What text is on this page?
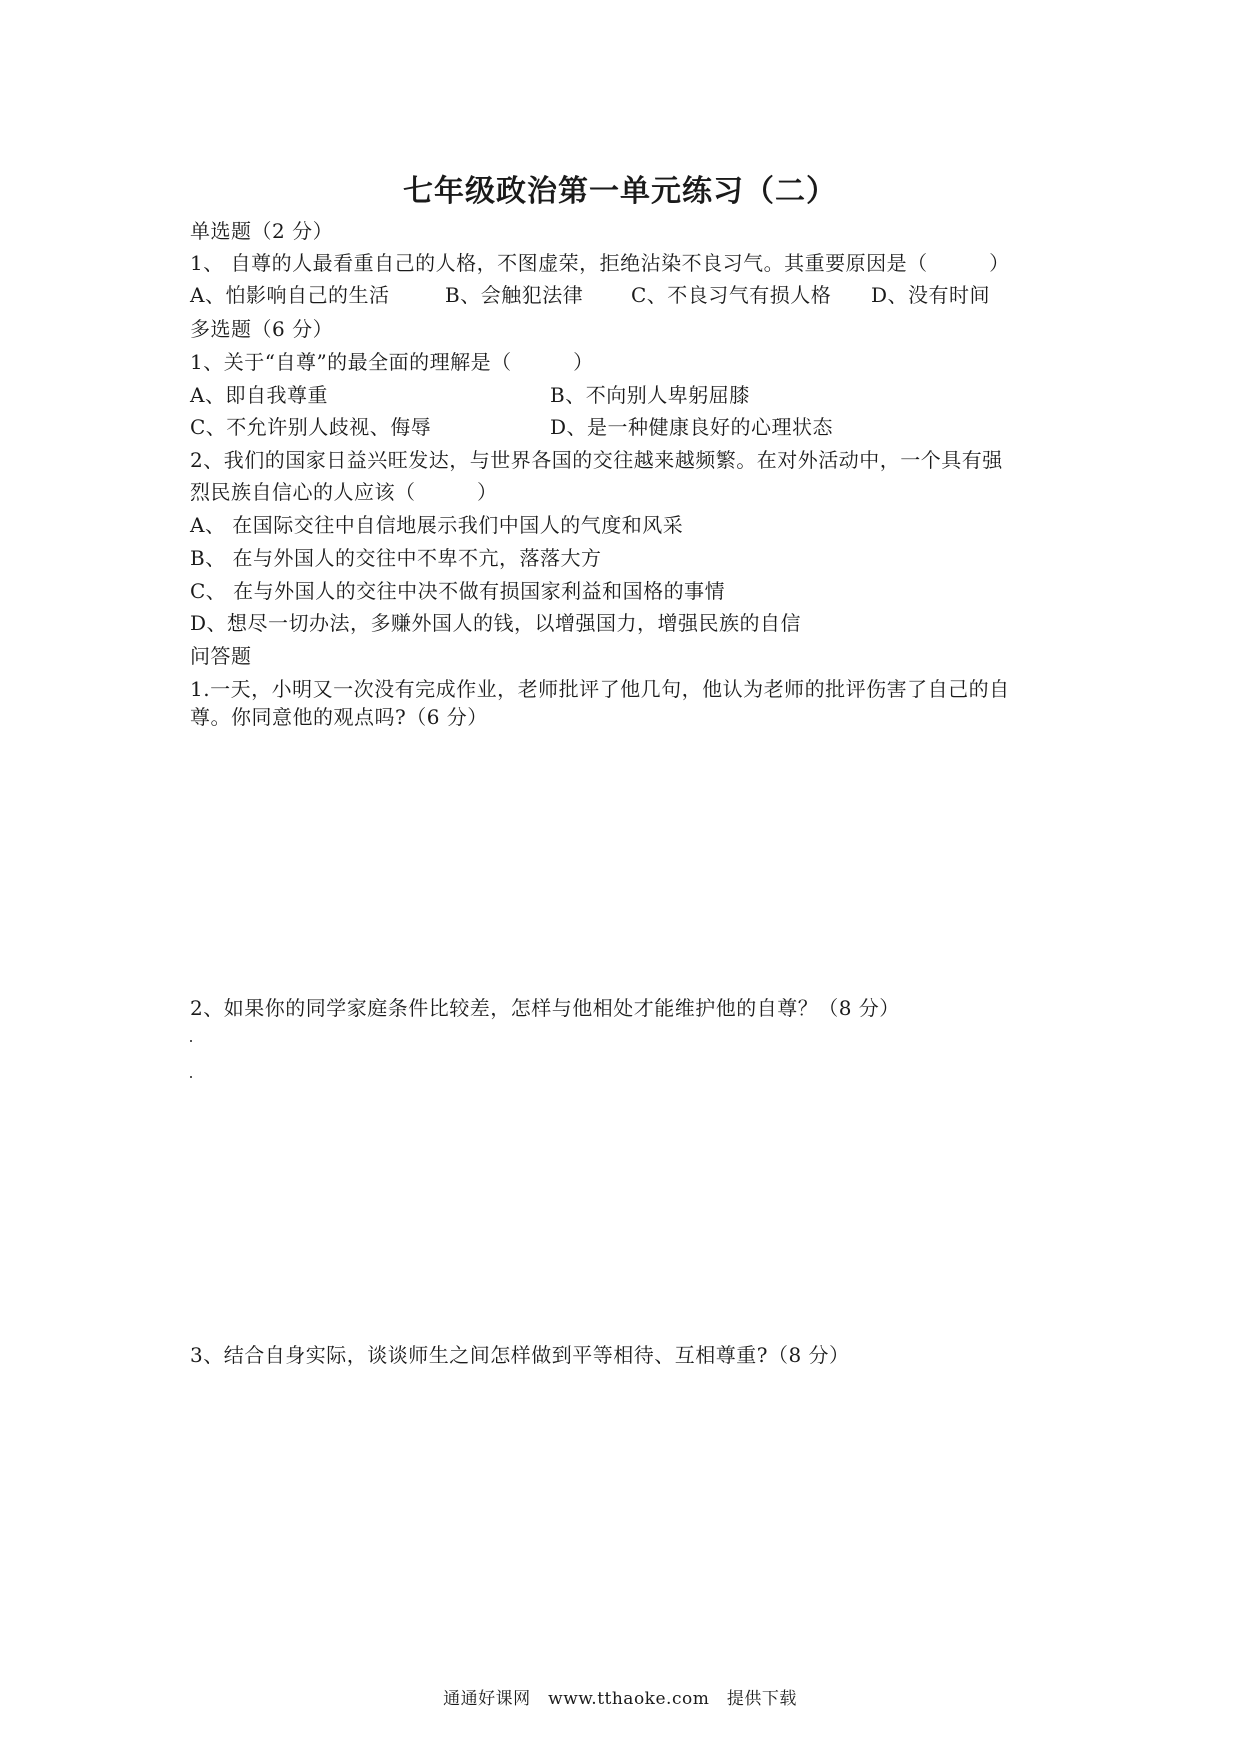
七年级政治第一单元练习（二）
单选题（2 分）
1、 自尊的人最看重自己的人格，不图虚荣，拒绝沾染不良习气。其重要原因是（　　　）
A、怕影响自己的生活	B、会触犯法律 C、不良习气有损人格 D、没有时间
多选题（6 分）
1、关于“自尊”的最全面的理解是（　　　）
A、即自我尊重	B、不向别人卑躬屈膝
C、不允许别人歧视、侮辱	D、是一种健康良好的心理状态
2、我们的国家日益兴旺发达，与世界各国的交往越来越频繁。在对外活动中，一个具有强
烈民族自信心的人应该（　　　）
A、 在国际交往中自信地展示我们中国人的气度和风采
B、 在与外国人的交往中不卑不亢，落落大方
C、 在与外国人的交往中决不做有损国家利益和国格的事情
D、想尽一切办法，多赚外国人的钱，以增强国力，增强民族的自信
问答题
1.一天，小明又一次没有完成作业，老师批评了他几句，他认为老师的批评伤害了自己的自
尊。你同意他的观点吗?（6 分）
2、如果你的同学家庭条件比较差，怎样与他相处才能维护他的自尊？（8 分）
3、结合自身实际，谈谈师生之间怎样做到平等相待、互相尊重?（8 分）
通通好课网　www.tthaoke.com　提供下载
